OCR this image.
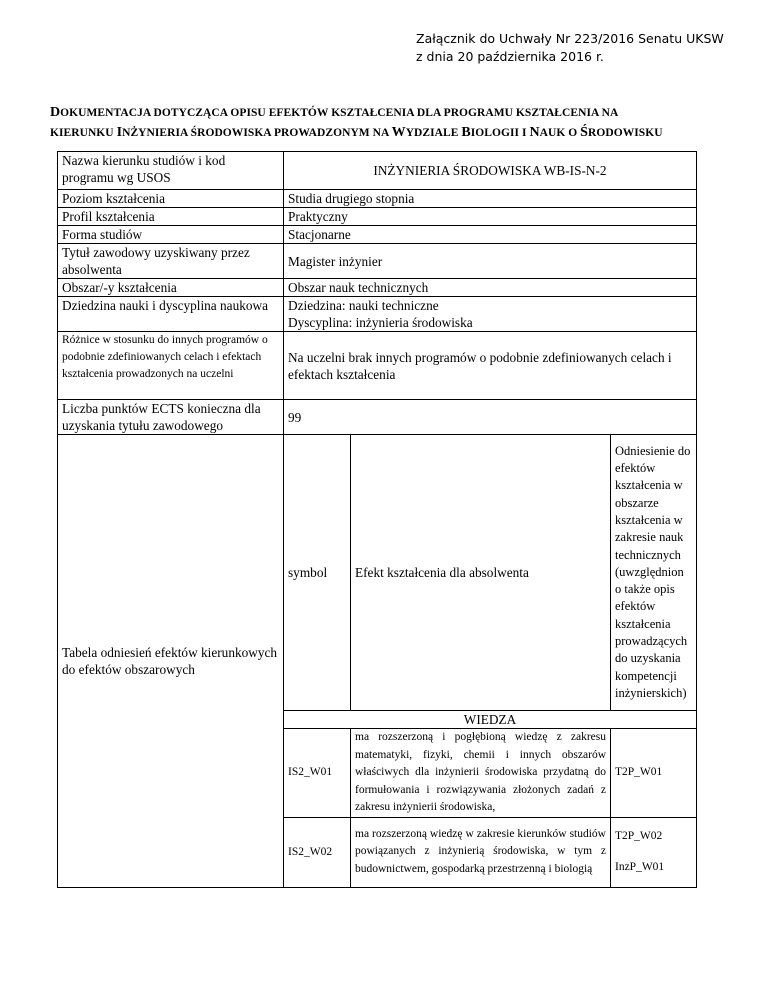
Załącznik do Uchwały Nr 223/2016 Senatu UKSW
z dnia 20 października 2016 r.
DOKUMENTACJA DOTYCZĄCA OPISU EFEKTÓW KSZTAŁCENIA DLA PROGRAMU KSZTAŁCENIA NA
KIERUNKU INŻYNIERIA ŚRODOWISKA PROWADZONYM NA WYDZIALE BIOLOGII I NAUK O ŚRODOWISKU
Nazwa kierunku studiów i kod programu wg USOS	INŻYNIERIA ŚRODOWISKA WB-IS-N-2		
Poziom kształcenia	Studia drugiego stopnia		
Profil kształcenia	Praktyczny		
Forma studiów	Stacjonarne		
Tytuł zawodowy uzyskiwany przez absolwenta	Magister inżynier		
Obszar/-y kształcenia	Obszar nauk technicznych		
Dziedzina nauki i dyscyplina naukowa	Dziedzina: nauki techniczne
Dyscyplina: inżynieria środowiska		

Różnice w stosunku do innych programów o podobnie zdefiniowanych celach i efektach kształcenia prowadzonych na uczelni	Na uczelni brak innych programów o podobnie zdefiniowanych celach i efektach kształcenia		
Liczba punktów ECTS konieczna dla uzyskania tytułu zawodowego	99		
Tabela odniesień efektów kierunkowych do efektów obszarowych	symbol	Efekt kształcenia dla absolwenta	Odniesienie do efektów kształcenia w obszarze kształcenia w zakresie nauk technicznych (uwzględnion o także opis efektów kształcenia prowadzących do uzyskania kompetencji inżynierskich)
	WIEDZA		
	IS2_W01	ma rozszerzoną i pogłębioną wiedzę z zakresu matematyki, fizyki, chemii i innych obszarów właściwych dla inżynierii środowiska przydatną do formułowania i rozwiązywania złożonych zadań z zakresu inżynierii środowiska,	T2P_W01
	IS2_W02	ma rozszerzoną wiedzę w zakresie kierunków studiów powiązanych z inżynierią środowiska, w tym z budownictwem, gospodarką przestrzenną i biologią	T2P_W02
InzP_W01
